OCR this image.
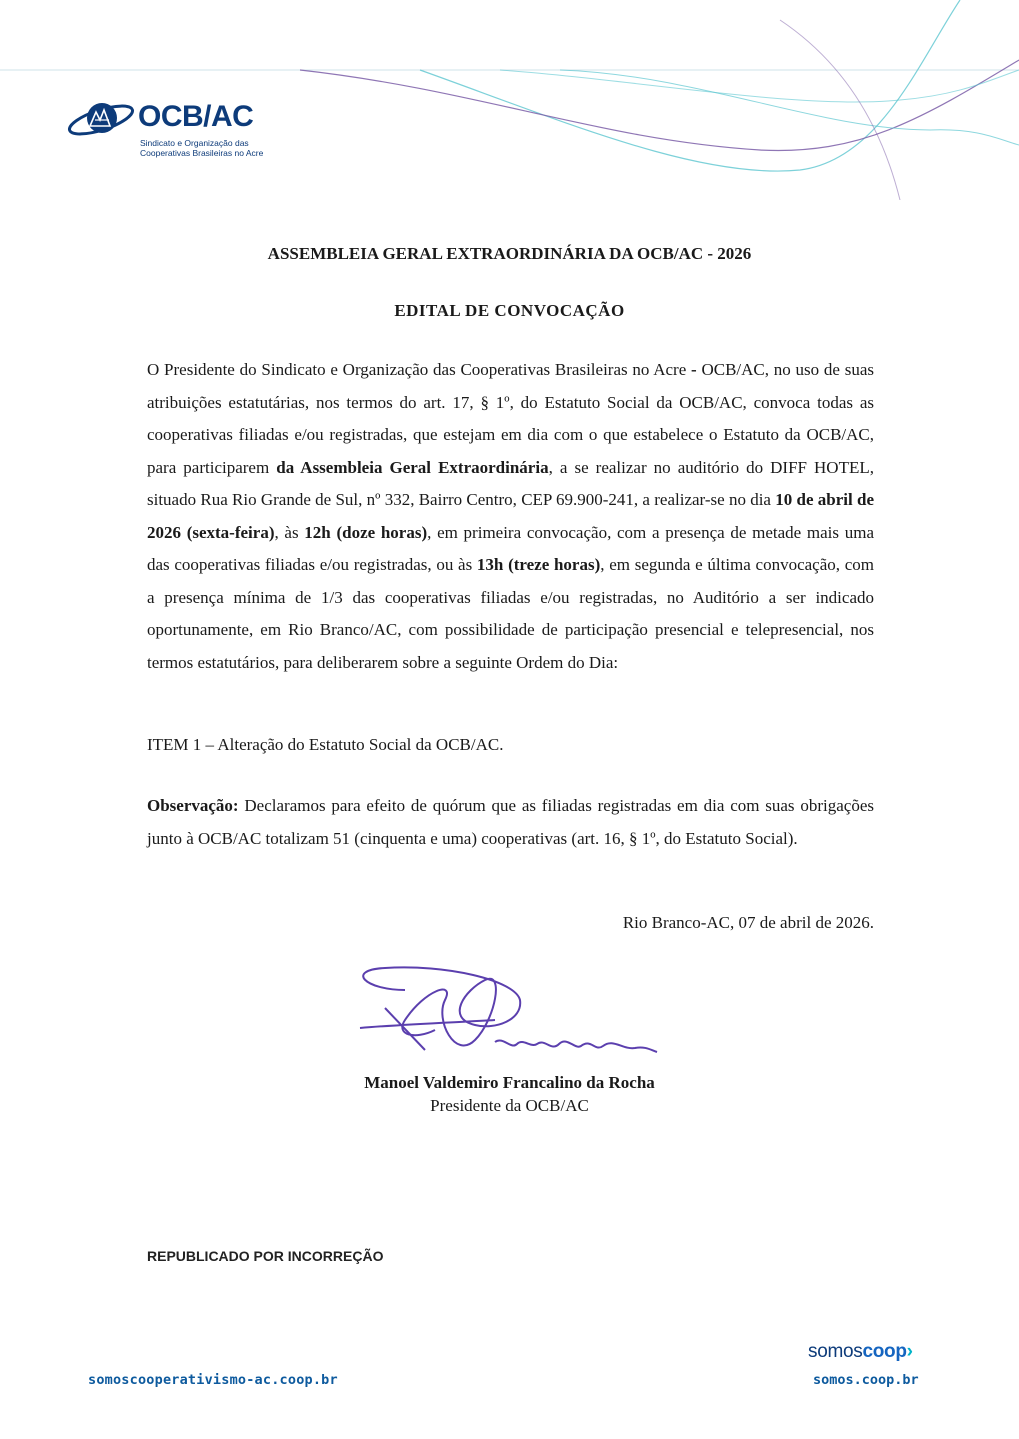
OCB/AC
Sindicato e Organização das
Cooperativas Brasileiras no Acre
ASSEMBLEIA GERAL EXTRAORDINÁRIA DA OCB/AC - 2026
EDITAL DE CONVOCAÇÃO
O Presidente do Sindicato e Organização das Cooperativas Brasileiras no Acre - OCB/AC, no uso de suas atribuições estatutárias, nos termos do art. 17, § 1º, do Estatuto Social da OCB/AC, convoca todas as cooperativas filiadas e/ou registradas, que estejam em dia com o que estabelece o Estatuto da OCB/AC, para participarem da Assembleia Geral Extraordinária, a se realizar no auditório do DIFF HOTEL, situado Rua Rio Grande de Sul, nº 332, Bairro Centro, CEP 69.900-241, a realizar-se no dia 10 de abril de 2026 (sexta-feira), às 12h (doze horas), em primeira convocação, com a presença de metade mais uma das cooperativas filiadas e/ou registradas, ou às 13h (treze horas), em segunda e última convocação, com a presença mínima de 1/3 das cooperativas filiadas e/ou registradas, no Auditório a ser indicado oportunamente, em Rio Branco/AC, com possibilidade de participação presencial e telepresencial, nos termos estatutários, para deliberarem sobre a seguinte Ordem do Dia:
ITEM 1 – Alteração do Estatuto Social da OCB/AC.
Observação: Declaramos para efeito de quórum que as filiadas registradas em dia com suas obrigações junto à OCB/AC totalizam 51 (cinquenta e uma) cooperativas (art. 16, § 1º, do Estatuto Social).
Rio Branco-AC, 07 de abril de 2026.
Manoel Valdemiro Francalino da Rocha
Presidente da OCB/AC
REPUBLICADO POR INCORREÇÃO
somoscooperativismo-ac.coop.br
somoscoop›
somos.coop.br
